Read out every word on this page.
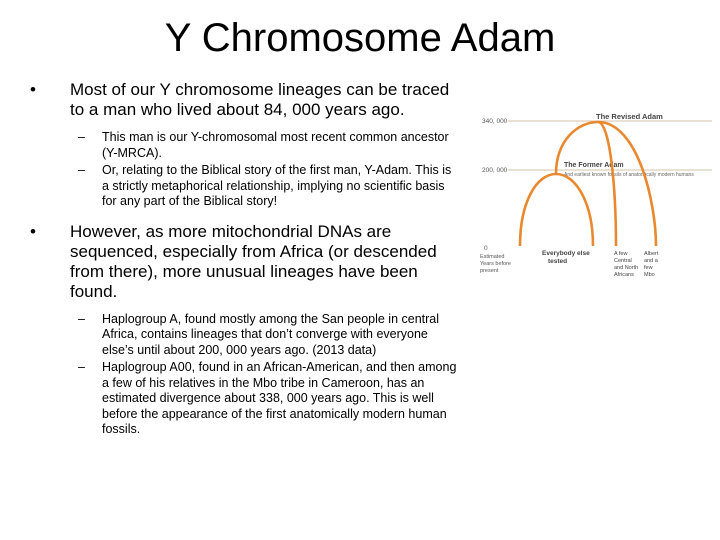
Y Chromosome Adam
• Most of our Y chromosome lineages can be traced to a man who lived about 84, 000 years ago.
– This man is our Y-chromosomal most recent common ancestor (Y-MRCA).
– Or, relating to the Biblical story of the first man, Y-Adam. This is a strictly metaphorical relationship, implying no scientific basis for any part of the Biblical story!
• However, as more mitochondrial DNAs are sequenced, especially from Africa (or descended from there), more unusual lineages have been found.
– Haplogroup A, found mostly among the San people in central Africa, contains lineages that don’t converge with everyone else’s until about 200, 000 years ago. (2013 data)
– Haplogroup A00, found in an African-American, and then among a few of his relatives in the Mbo tribe in Cameroon, has an estimated divergence about 338, 000 years ago. This is well before the appearance of the first anatomically modern human fossils.
340, 000
200, 000
0
Estimated Years before present
The Revised Adam
The Former Adam
And earliest known fossils of anatomically modern humans
Everybody else tested
A few Central and North Africans
Albert and a few Mbo
